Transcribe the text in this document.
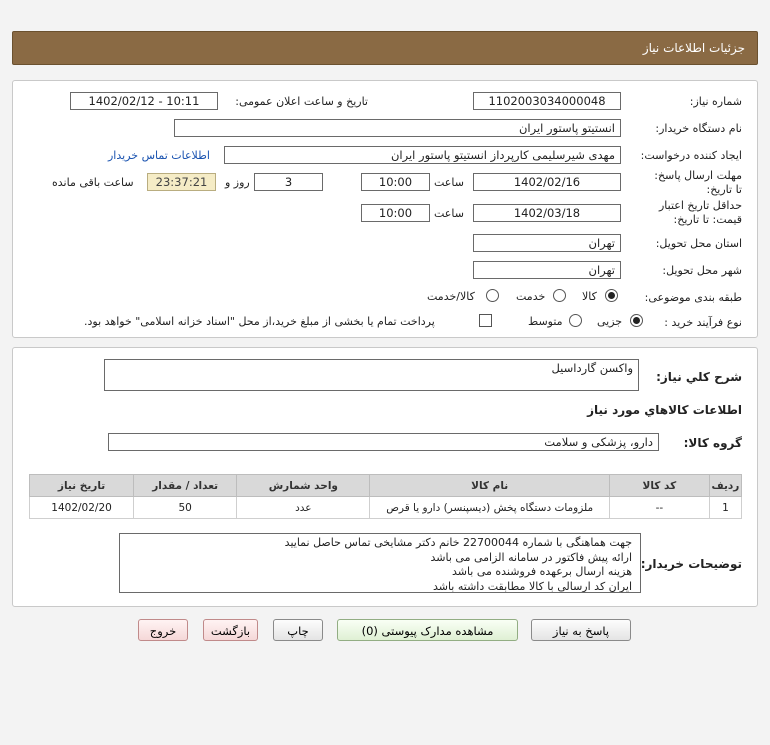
جزئیات اطلاعات نیاز
شماره نیاز:
1102003034000048
تاریخ و ساعت اعلان عمومی:
1402/02/12 - 10:11
نام دستگاه خریدار:
انستیتو پاستور ایران
ایجاد کننده درخواست:
مهدی شیرسلیمی کارپرداز انستیتو پاستور ایران
اطلاعات تماس خریدار
مهلت ارسال پاسخ: تا تاریخ:
1402/02/16
ساعت
10:00
3
روز و
23:37:21
ساعت باقی مانده
حداقل تاریخ اعتبار قیمت: تا تاریخ:
1402/03/18
ساعت
10:00
استان محل تحویل:
تهران
شهر محل تحویل:
تهران
طبقه بندی موضوعی:
کالا
خدمت
کالا/خدمت
نوع فرآیند خرید :
جزیی
متوسط
پرداخت تمام یا بخشی از مبلغ خرید،از محل "اسناد خزانه اسلامی" خواهد بود.
شرح کلي نياز:
واکسن گارداسیل
اطلاعات کالاهاي مورد نياز
گروه کالا:
دارو، پزشکی و سلامت
ردیف	کد کالا	نام کالا	واحد شمارش	تعداد / مقدار	تاریخ نیاز
1	--	ملزومات دستگاه پخش (دیسپنسر) دارو یا قرص	عدد	50	1402/02/20
توضیحات خریدار:
جهت هماهنگی با شماره 22700044 خانم دکتر مشایخی تماس حاصل نمایید
ارائه پیش فاکتور در سامانه الزامی می باشد
هزینه ارسال برعهده فروشنده می باشد
ایران کد ارسالی با کالا مطابقت داشته باشد
پاسخ به نیاز
مشاهده مدارک پیوستی (0)
چاپ
بازگشت
خروج
